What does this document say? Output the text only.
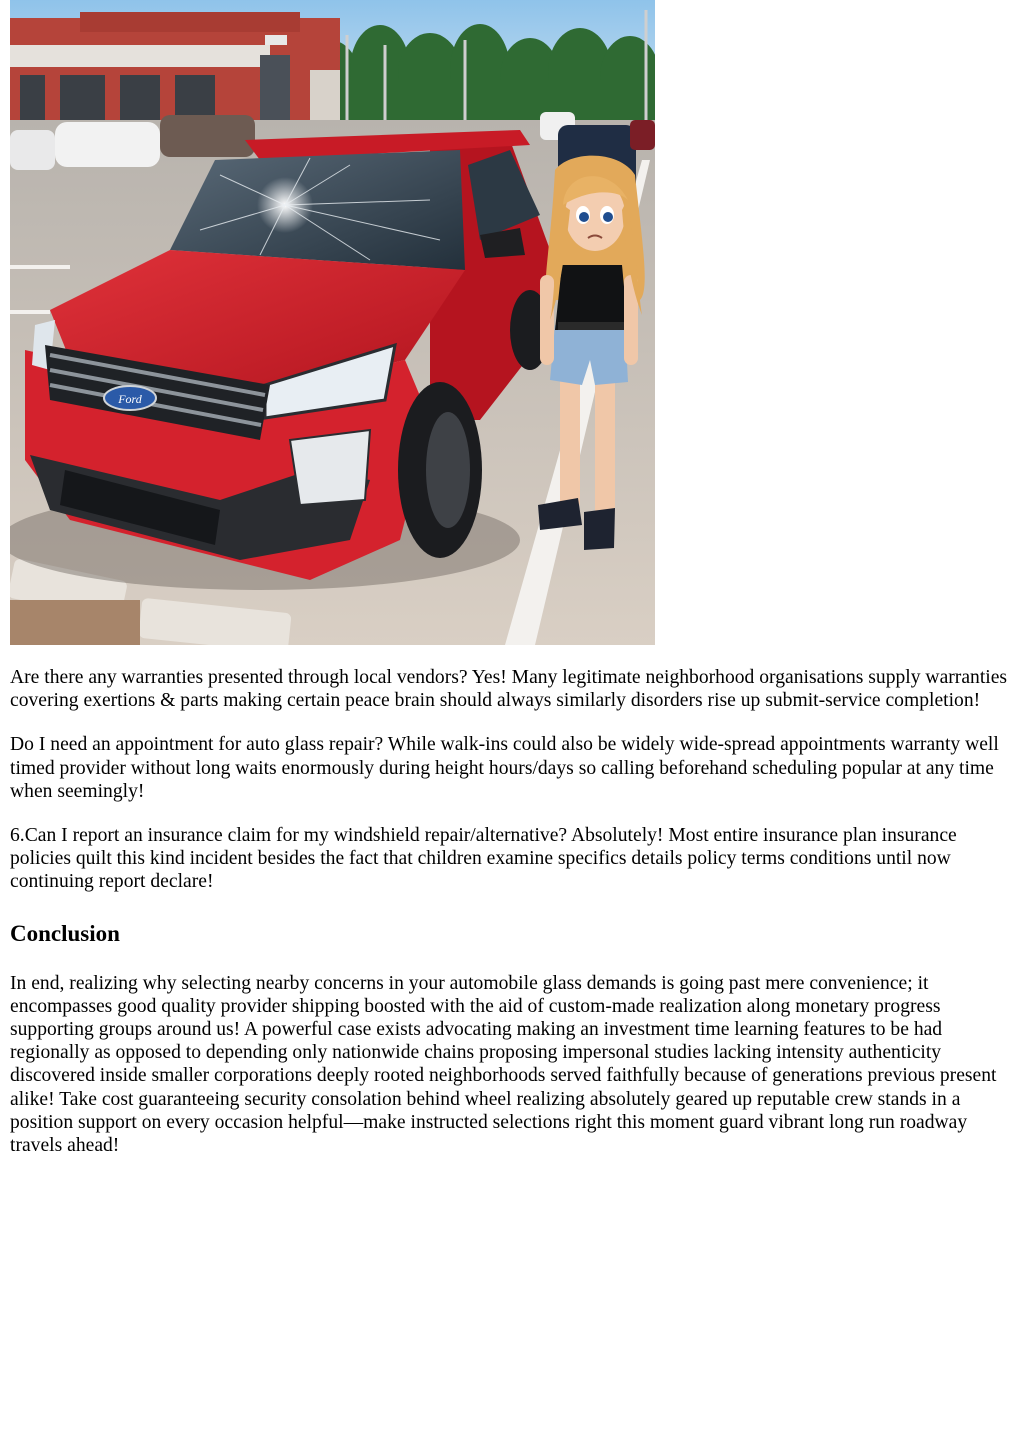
Ford

Are there any warranties presented through local vendors? Yes! Many legitimate neighborhood organisations supply warranties covering exertions & parts making certain peace brain should always similarly disorders rise up submit-service completion!

Do I need an appointment for auto glass repair? While walk-ins could also be widely wide-spread appointments warranty well timed provider without long waits enormously during height hours/days so calling beforehand scheduling popular at any time when seemingly!

6.Can I report an insurance claim for my windshield repair/alternative? Absolutely! Most entire insurance plan insurance policies quilt this kind incident besides the fact that children examine specifics details policy terms conditions until now continuing report declare!

Conclusion

In end, realizing why selecting nearby concerns in your automobile glass demands is going past mere convenience; it encompasses good quality provider shipping boosted with the aid of custom-made realization along monetary progress supporting groups around us! A powerful case exists advocating making an investment time learning features to be had regionally as opposed to depending only nationwide chains proposing impersonal studies lacking intensity authenticity discovered inside smaller corporations deeply rooted neighborhoods served faithfully because of generations previous present alike! Take cost guaranteeing security consolation behind wheel realizing absolutely geared up reputable crew stands in a position support on every occasion helpful—make instructed selections right this moment guard vibrant long run roadway travels ahead!
